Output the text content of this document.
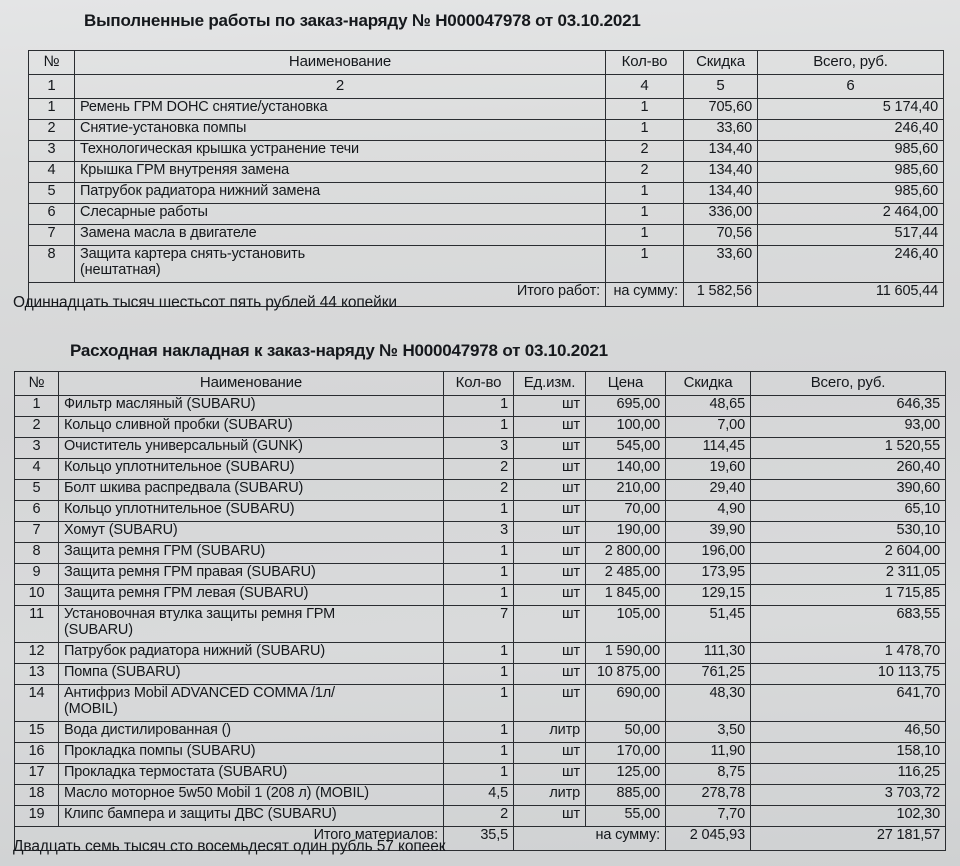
Выполненные работы по заказ-наряду № H000047978 от 03.10.2021
№	Наименование	Кол-во	Скидка	Всего, руб.
1	2	4	5	6
1	Ремень ГРМ DOHC снятие/установка	1	705,60	5 174,40
2	Снятие-установка помпы	1	33,60	246,40
3	Технологическая крышка устранение течи	2	134,40	985,60
4	Крышка ГРМ внутреняя замена	2	134,40	985,60
5	Патрубок радиатора нижний замена	1	134,40	985,60
6	Слесарные работы	1	336,00	2 464,00
7	Замена масла в двигателе	1	70,56	517,44
8	Защита картера снять-установить
(нештатная)	1	33,60	246,40
Итого работ:		на сумму:	1 582,56	11 605,44
Одиннадцать тысяч шестьсот пять рублей 44 копейки
Расходная накладная к заказ-наряду № H000047978 от 03.10.2021
№	Наименование	Кол-во	Ед.изм.	Цена	Скидка	Всего, руб.
1	Фильтр масляный (SUBARU)	1	шт	695,00	48,65	646,35
2	Кольцо сливной пробки (SUBARU)	1	шт	100,00	7,00	93,00
3	Очиститель универсальный (GUNK)	3	шт	545,00	114,45	1 520,55
4	Кольцо уплотнительное (SUBARU)	2	шт	140,00	19,60	260,40
5	Болт шкива распредвала (SUBARU)	2	шт	210,00	29,40	390,60
6	Кольцо уплотнительное (SUBARU)	1	шт	70,00	4,90	65,10
7	Хомут (SUBARU)	3	шт	190,00	39,90	530,10
8	Защита ремня ГРМ (SUBARU)	1	шт	2 800,00	196,00	2 604,00
9	Защита ремня ГРМ правая (SUBARU)	1	шт	2 485,00	173,95	2 311,05
10	Защита ремня ГРМ левая (SUBARU)	1	шт	1 845,00	129,15	1 715,85
11	Установочная втулка защиты ремня ГРМ
(SUBARU)	7	шт	105,00	51,45	683,55
12	Патрубок радиатора нижний (SUBARU)	1	шт	1 590,00	111,30	1 478,70
13	Помпа (SUBARU)	1	шт	10 875,00	761,25	10 113,75
14	Антифриз Mobil ADVANCED COMMA /1л/
(MOBIL)	1	шт	690,00	48,30	641,70
15	Вода дистилированная ()	1	литр	50,00	3,50	46,50
16	Прокладка помпы (SUBARU)	1	шт	170,00	11,90	158,10
17	Прокладка термостата (SUBARU)	1	шт	125,00	8,75	116,25
18	Масло моторное 5w50 Mobil 1 (208 л) (MOBIL)	4,5	литр	885,00	278,78	3 703,72
19	Клипс бампера и защиты ДВС (SUBARU)	2	шт	55,00	7,70	102,30
Итого материалов:		35,5	на сумму:		2 045,93	27 181,57
Двадцать семь тысяч сто восемьдесят один рубль 57 копеек
